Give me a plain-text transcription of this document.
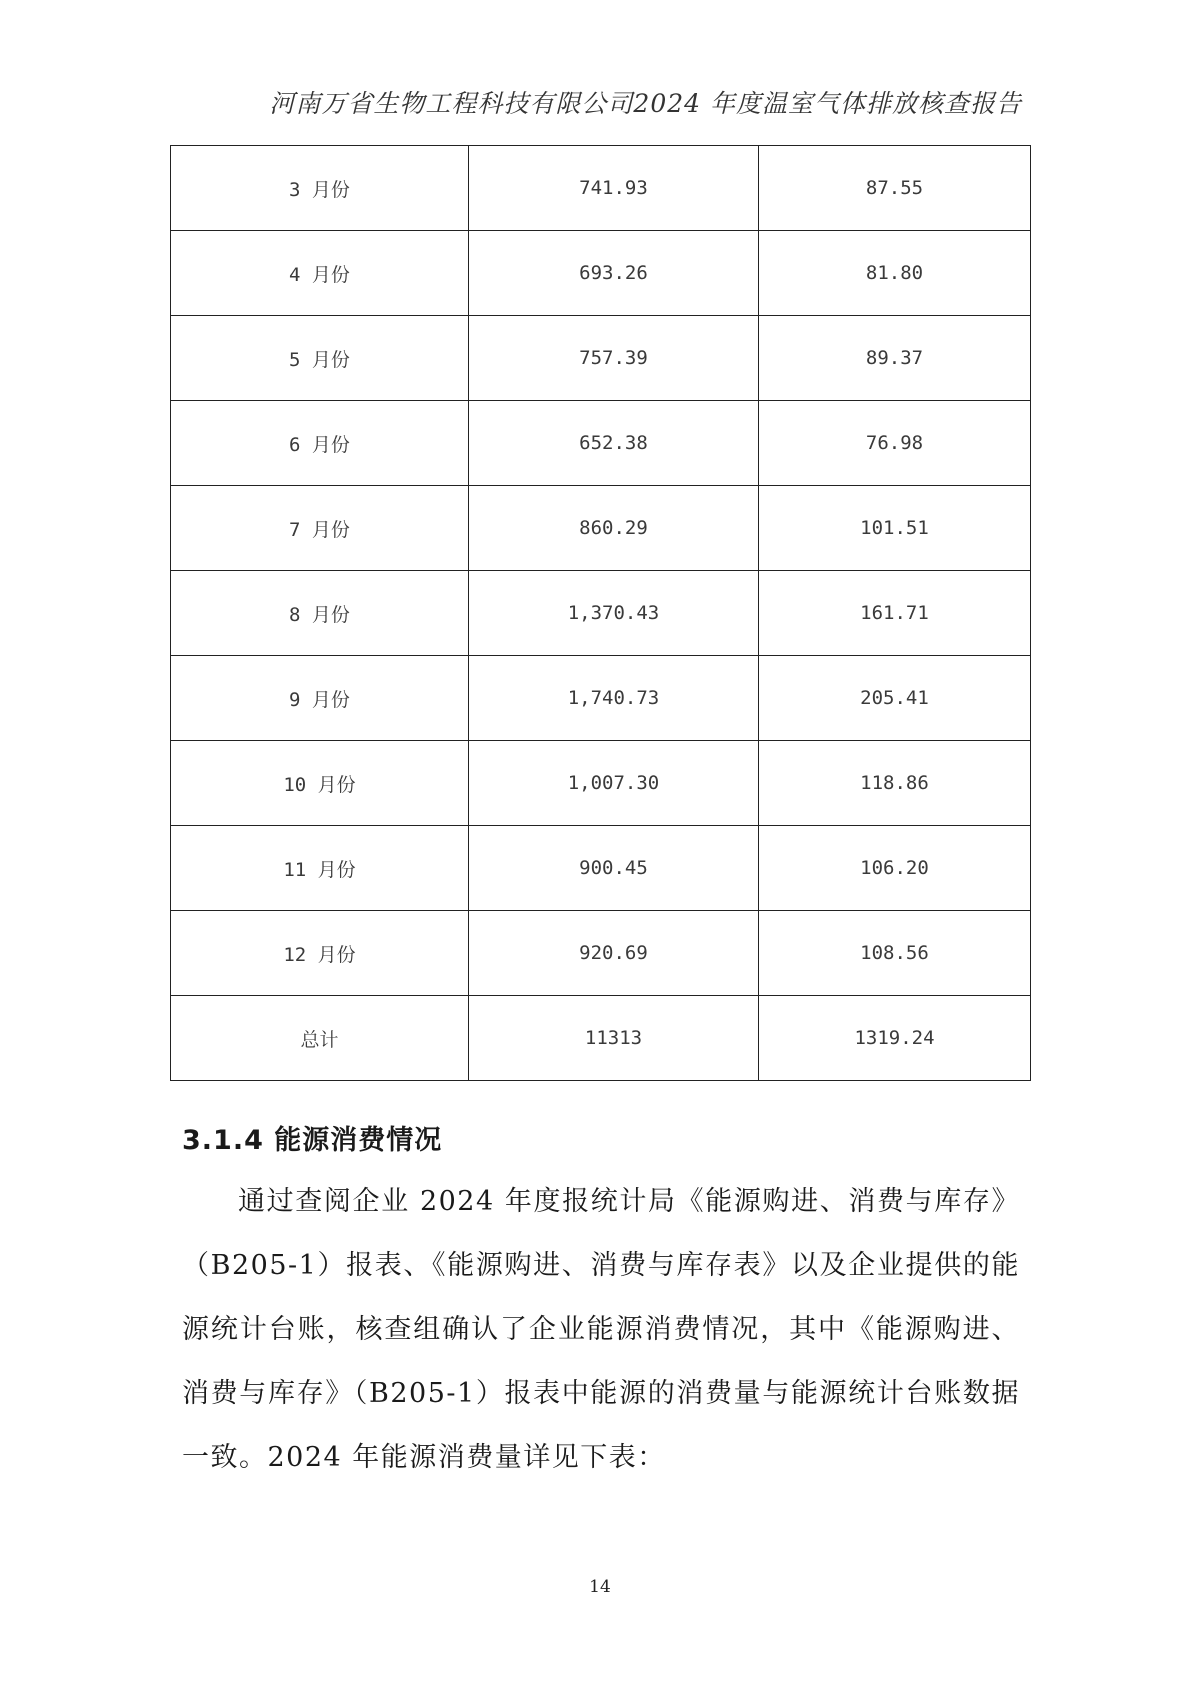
河南万省生物工程科技有限公司2024 年度温室气体排放核查报告
3 月份	741.93	87.55
4 月份	693.26	81.80
5 月份	757.39	89.37
6 月份	652.38	76.98
7 月份	860.29	101.51
8 月份	1,370.43	161.71
9 月份	1,740.73	205.41
10 月份	1,007.30	118.86
11 月份	900.45	106.20
12 月份	920.69	108.56
总计	11313	1319.24
3.1.4 能源消费情况

通过查阅企业 2024 年度报统计局《能源购进、消费与库存》（B205-1）报表、《能源购进、消费与库存表》以及企业提供的能源统计台账，核查组确认了企业能源消费情况，其中《能源购进、消费与库存》（B205-1）报表中能源的消费量与能源统计台账数据一致。2024 年能源消费量详见下表：

14
